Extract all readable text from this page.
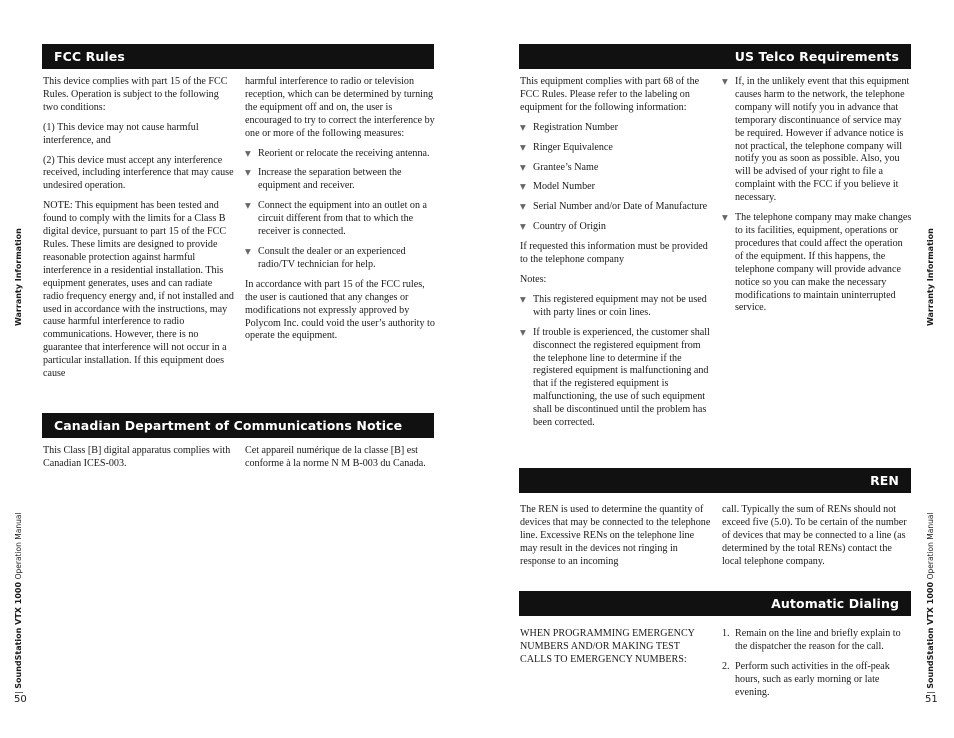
Warranty Information
| SoundStation VTX 1000 Operation Manual
50
FCC Rules

This device complies with part 15 of the FCC Rules. Operation is subject to the following two conditions:

(1) This device may not cause harmful interference, and

(2) This device must accept any interference received, including interference that may cause undesired operation.

NOTE: This equipment has been tested and found to comply with the limits for a Class B digital device, pursuant to part 15 of the FCC Rules. These limits are designed to provide reasonable protection against harmful interference in a residential installation. This equipment generates, uses and can radiate radio frequency energy and, if not installed and used in accordance with the instructions, may cause harmful interference to radio communications. However, there is no guarantee that interference will not occur in a particular installation. If this equipment does cause

harmful interference to radio or television reception, which can be determined by turning the equipment off and on, the user is encouraged to try to correct the interference by one or more of the following measures:

▼ Reorient or relocate the receiving antenna.
▼ Increase the separation between the equipment and receiver.
▼ Connect the equipment into an outlet on a circuit different from that to which the receiver is connected.
▼ Consult the dealer or an experienced radio/TV technician for help.

In accordance with part 15 of the FCC rules, the user is cautioned that any changes or modifications not expressly approved by Polycom Inc. could void the user’s authority to operate the equipment.

Canadian Department of Communications Notice

This Class [B] digital apparatus complies with Canadian ICES-003.

Cet appareil numérique de la classe [B] est conforme à la norme N M B-003 du Canada.

Warranty Information
| SoundStation VTX 1000 Operation Manual
51
US Telco Requirements

This equipment complies with part 68 of the FCC Rules. Please refer to the labeling on equipment for the following information:

▼ Registration Number
▼ Ringer Equivalence
▼ Grantee’s Name
▼ Model Number
▼ Serial Number and/or Date of Manufacture
▼ Country of Origin

If requested this information must be provided to the telephone company

Notes:

▼ This registered equipment may not be used with party lines or coin lines.
▼ If trouble is experienced, the customer shall disconnect the registered equipment from the telephone line to determine if the registered equipment is malfunctioning and that if the registered equipment is malfunctioning, the use of such equipment shall be discontinued until the problem has been corrected.
▼ If, in the unlikely event that this equipment causes harm to the network, the telephone company will notify you in advance that temporary discontinuance of service may be required. However if advance notice is not practical, the telephone company will notify you as soon as possible. Also, you will be advised of your right to file a complaint with the FCC if you believe it necessary.
▼ The telephone company may make changes to its facilities, equipment, operations or procedures that could affect the operation of the equipment. If this happens, the telephone company will provide advance notice so you can make the necessary modifications to maintain uninterrupted service.
REN

The REN is used to determine the quantity of devices that may be connected to the telephone line. Excessive RENs on the telephone line may result in the devices not ringing in response to an incoming

call. Typically the sum of RENs should not exceed five (5.0). To be certain of the number of devices that may be connected to a line (as determined by the total RENs) contact the local telephone company.

Automatic Dialing

WHEN PROGRAMMING EMERGENCY NUMBERS AND/OR MAKING TEST CALLS TO EMERGENCY NUMBERS:

1. Remain on the line and briefly explain to the dispatcher the reason for the call.
2. Perform such activities in the off-peak hours, such as early morning or late evening.
